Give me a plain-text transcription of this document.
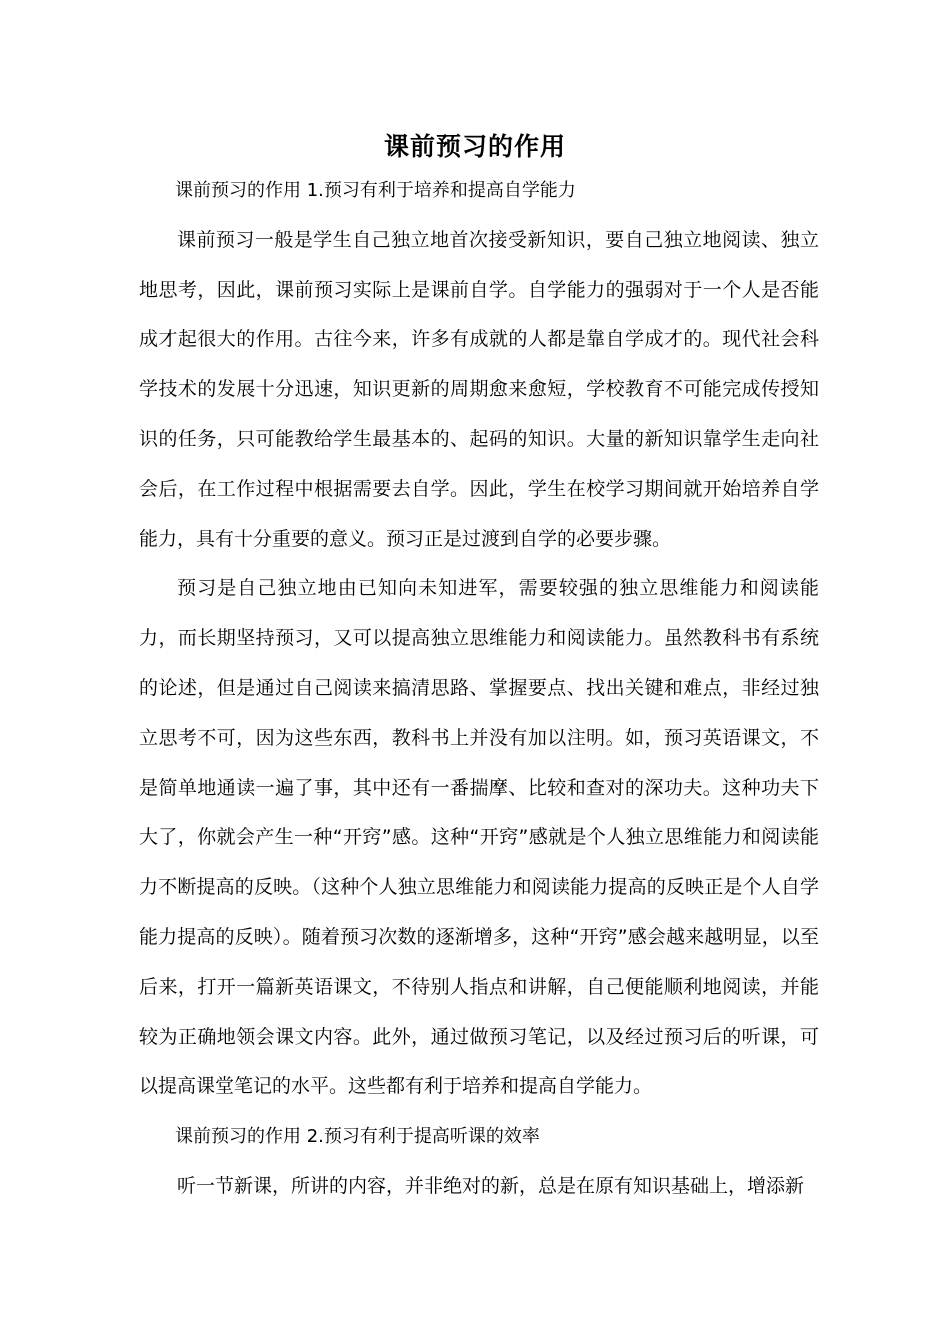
课前预习的作用

课前预习的作用 1.预习有利于培养和提高自学能力

课前预习一般是学生自己独立地首次接受新知识，要自己独立地阅读、独立地思考，因此，课前预习实际上是课前自学。自学能力的强弱对于一个人是否能成才起很大的作用。古往今来，许多有成就的人都是靠自学成才的。现代社会科学技术的发展十分迅速，知识更新的周期愈来愈短，学校教育不可能完成传授知识的任务，只可能教给学生最基本的、起码的知识。大量的新知识靠学生走向社会后，在工作过程中根据需要去自学。因此，学生在校学习期间就开始培养自学能力，具有十分重要的意义。预习正是过渡到自学的必要步骤。

预习是自己独立地由已知向未知进军，需要较强的独立思维能力和阅读能力，而长期坚持预习，又可以提高独立思维能力和阅读能力。虽然教科书有系统的论述，但是通过自己阅读来搞清思路、掌握要点、找出关键和难点，非经过独立思考不可，因为这些东西，教科书上并没有加以注明。如，预习英语课文，不是简单地通读一遍了事，其中还有一番揣摩、比较和查对的深功夫。这种功夫下大了，你就会产生一种“开窍”感。这种“开窍”感就是个人独立思维能力和阅读能力不断提高的反映。（这种个人独立思维能力和阅读能力提高的反映正是个人自学能力提高的反映）。随着预习次数的逐渐增多，这种“开窍”感会越来越明显，以至后来，打开一篇新英语课文，不待别人指点和讲解，自己便能顺利地阅读，并能较为正确地领会课文内容。此外，通过做预习笔记，以及经过预习后的听课，可以提高课堂笔记的水平。这些都有利于培养和提高自学能力。

课前预习的作用 2.预习有利于提高听课的效率

听一节新课，所讲的内容，并非绝对的新，总是在原有知识基础上，增添新
